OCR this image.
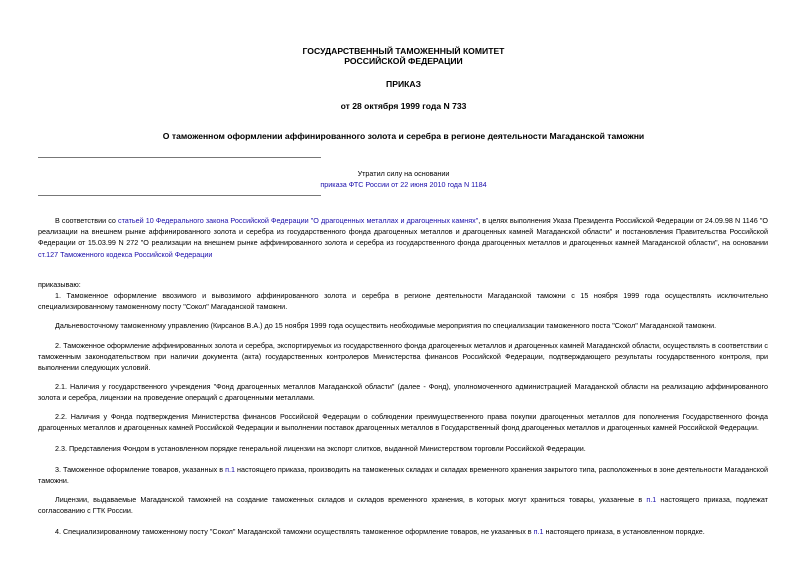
ГОСУДАРСТВЕННЫЙ ТАМОЖЕННЫЙ КОМИТЕТ
РОССИЙСКОЙ ФЕДЕРАЦИИ
ПРИКАЗ
от 28 октября 1999 года N 733
О таможенном оформлении аффинированного золота и серебра в регионе деятельности Магаданской таможни
Утратил силу на основании
приказа ФТС России от 22 июня 2010 года N 1184

В соответствии со статьей 10 Федерального закона Российской Федерации "О драгоценных металлах и драгоценных камнях", в целях выполнения Указа Президента Российской Федерации от 24.09.98 N 1146 "О реализации на внешнем рынке аффинированного золота и серебра из государственного фонда драгоценных металлов и драгоценных камней Магаданской области" и постановления Правительства Российской Федерации от 15.03.99 N 272 "О реализации на внешнем рынке аффинированного золота и серебра из государственного фонда драгоценных металлов и драгоценных камней Магаданской области", на основании ст.127 Таможенного кодекса Российской Федерации

приказываю:

1. Таможенное оформление ввозимого и вывозимого аффинированного золота и серебра в регионе деятельности Магаданской таможни с 15 ноября 1999 года осуществлять исключительно специализированному таможенному посту "Сокол" Магаданской таможни.

Дальневосточному таможенному управлению (Кирсанов В.А.) до 15 ноября 1999 года осуществить необходимые мероприятия по специализации таможенного поста "Сокол" Магаданской таможни.

2. Таможенное оформление аффинированных золота и серебра, экспортируемых из государственного фонда драгоценных металлов и драгоценных камней Магаданской области, осуществлять в соответствии с таможенным законодательством при наличии документа (акта) государственных контролеров Министерства финансов Российской Федерации, подтверждающего результаты государственного контроля, при выполнении следующих условий.

2.1. Наличия у государственного учреждения "Фонд драгоценных металлов Магаданской области" (далее - Фонд), уполномоченного администрацией Магаданской области на реализацию аффинированного золота и серебра, лицензии на проведение операций с драгоценными металлами.

2.2. Наличия у Фонда подтверждения Министерства финансов Российской Федерации о соблюдении преимущественного права покупки драгоценных металлов для пополнения Государственного фонда драгоценных металлов и драгоценных камней Российской Федерации и выполнении поставок драгоценных металлов в Государственный фонд драгоценных металлов и драгоценных камней Российской Федерации.

2.3. Представления Фондом в установленном порядке генеральной лицензии на экспорт слитков, выданной Министерством торговли Российской Федерации.

3. Таможенное оформление товаров, указанных в п.1 настоящего приказа, производить на таможенных складах и складах временного хранения закрытого типа, расположенных в зоне деятельности Магаданской таможни.

Лицензии, выдаваемые Магаданской таможней на создание таможенных складов и складов временного хранения, в которых могут храниться товары, указанные в п.1 настоящего приказа, подлежат согласованию с ГТК России.

4. Специализированному таможенному посту "Сокол" Магаданской таможни осуществлять таможенное оформление товаров, не указанных в п.1 настоящего приказа, в установленном порядке.
